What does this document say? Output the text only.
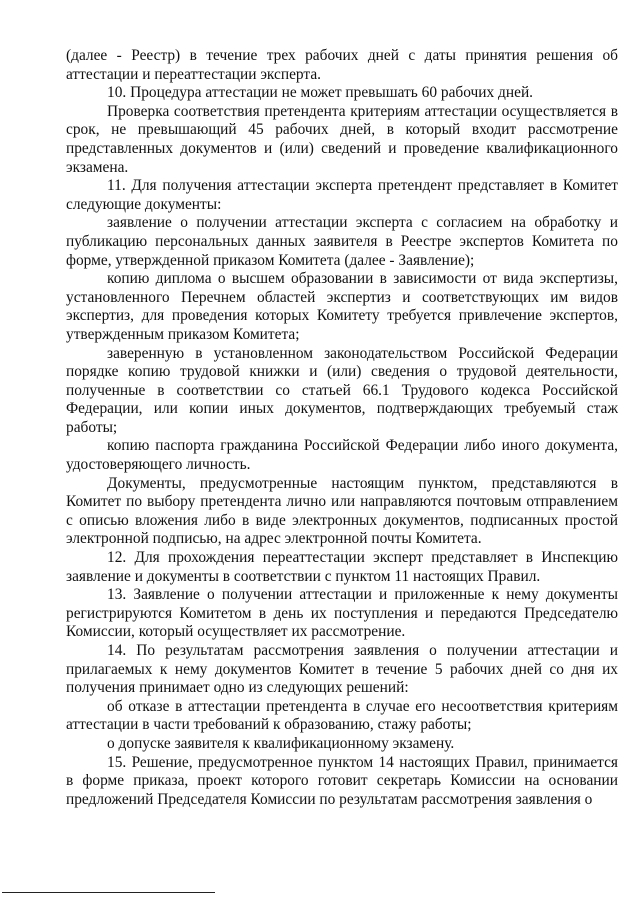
(далее - Реестр) в течение трех рабочих дней с даты принятия решения об аттестации и переаттестации эксперта.

10. Процедура аттестации не может превышать 60 рабочих дней.

Проверка соответствия претендента критериям аттестации осуществляется в срок, не превышающий 45 рабочих дней, в который входит рассмотрение представленных документов и (или) сведений и проведение квалификационного экзамена.

11. Для получения аттестации эксперта претендент представляет в Комитет следующие документы:

заявление о получении аттестации эксперта с согласием на обработку и публикацию персональных данных заявителя в Реестре экспертов Комитета по форме, утвержденной приказом Комитета (далее - Заявление);

копию диплома о высшем образовании в зависимости от вида экспертизы, установленного Перечнем областей экспертиз и соответствующих им видов экспертиз, для проведения которых Комитету требуется привлечение экспертов, утвержденным приказом Комитета;

заверенную в установленном законодательством Российской Федерации порядке копию трудовой книжки и (или) сведения о трудовой деятельности, полученные в соответствии со статьей 66.1 Трудового кодекса Российской Федерации, или копии иных документов, подтверждающих требуемый стаж работы;

копию паспорта гражданина Российской Федерации либо иного документа, удостоверяющего личность.

Документы, предусмотренные настоящим пунктом, представляются в Комитет по выбору претендента лично или направляются почтовым отправлением с описью вложения либо в виде электронных документов, подписанных простой электронной подписью, на адрес электронной почты Комитета.

12. Для прохождения переаттестации эксперт представляет в Инспекцию заявление и документы в соответствии с пунктом 11 настоящих Правил.

13. Заявление о получении аттестации и приложенные к нему документы регистрируются Комитетом в день их поступления и передаются Председателю Комиссии, который осуществляет их рассмотрение.

14. По результатам рассмотрения заявления о получении аттестации и прилагаемых к нему документов Комитет в течение 5 рабочих дней со дня их получения принимает одно из следующих решений:

об отказе в аттестации претендента в случае его несоответствия критериям аттестации в части требований к образованию, стажу работы;

о допуске заявителя к квалификационному экзамену.

15. Решение, предусмотренное пунктом 14 настоящих Правил, принимается в форме приказа, проект которого готовит секретарь Комиссии на основании предложений Председателя Комиссии по результатам рассмотрения заявления о
